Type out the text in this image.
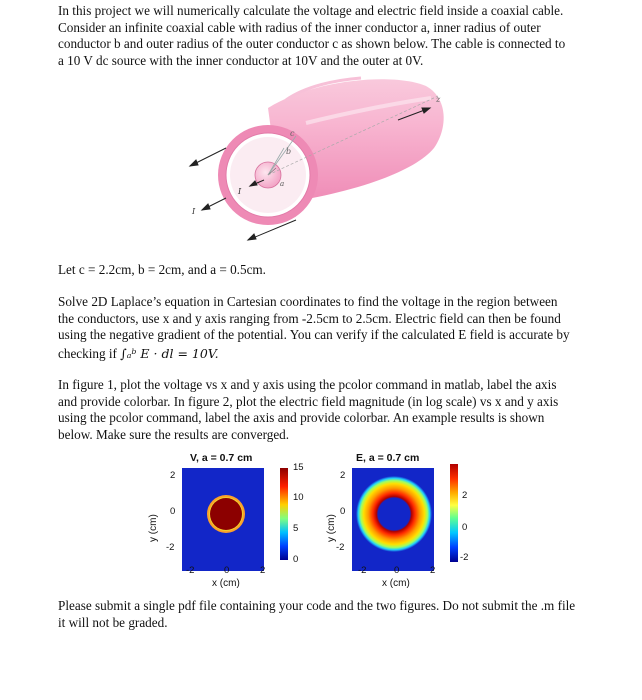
In this project we will numerically calculate the voltage and electric field inside a coaxial cable.
Consider an infinite coaxial cable with radius of the inner conductor a, inner radius of outer
conductor b and outer radius of the outer conductor c as shown below. The cable is connected to
a 10 V dc source with the inner conductor at 10V and the outer at 0V.
c
b
a
z
I
I
Let c = 2.2cm, b = 2cm, and a = 0.5cm.
Solve 2D Laplace’s equation in Cartesian coordinates to find the voltage in the region between
the conductors, use x and y axis ranging from -2.5cm to 2.5cm. Electric field can then be found
using the negative gradient of the potential. You can verify if the calculated E field is accurate by
checking if ∫ₐᵇ E · dl = 10V.
In figure 1, plot the voltage vs x and y axis using the pcolor command in matlab, label the axis
and provide colorbar. In figure 2, plot the electric field magnitude (in log scale) vs x and y axis
using the pcolor command, label the axis and provide colorbar. An example results is shown
below. Make sure the results are converged.
V, a = 0.7 cm
y (cm)
2
0
-2
-2	0	2
x (cm)
15
10
5
0
E, a = 0.7 cm
y (cm)
2
0
-2
-2	0	2
x (cm)
2
0
-2
Please submit a single pdf file containing your code and the two figures. Do not submit the .m file
it will not be graded.
